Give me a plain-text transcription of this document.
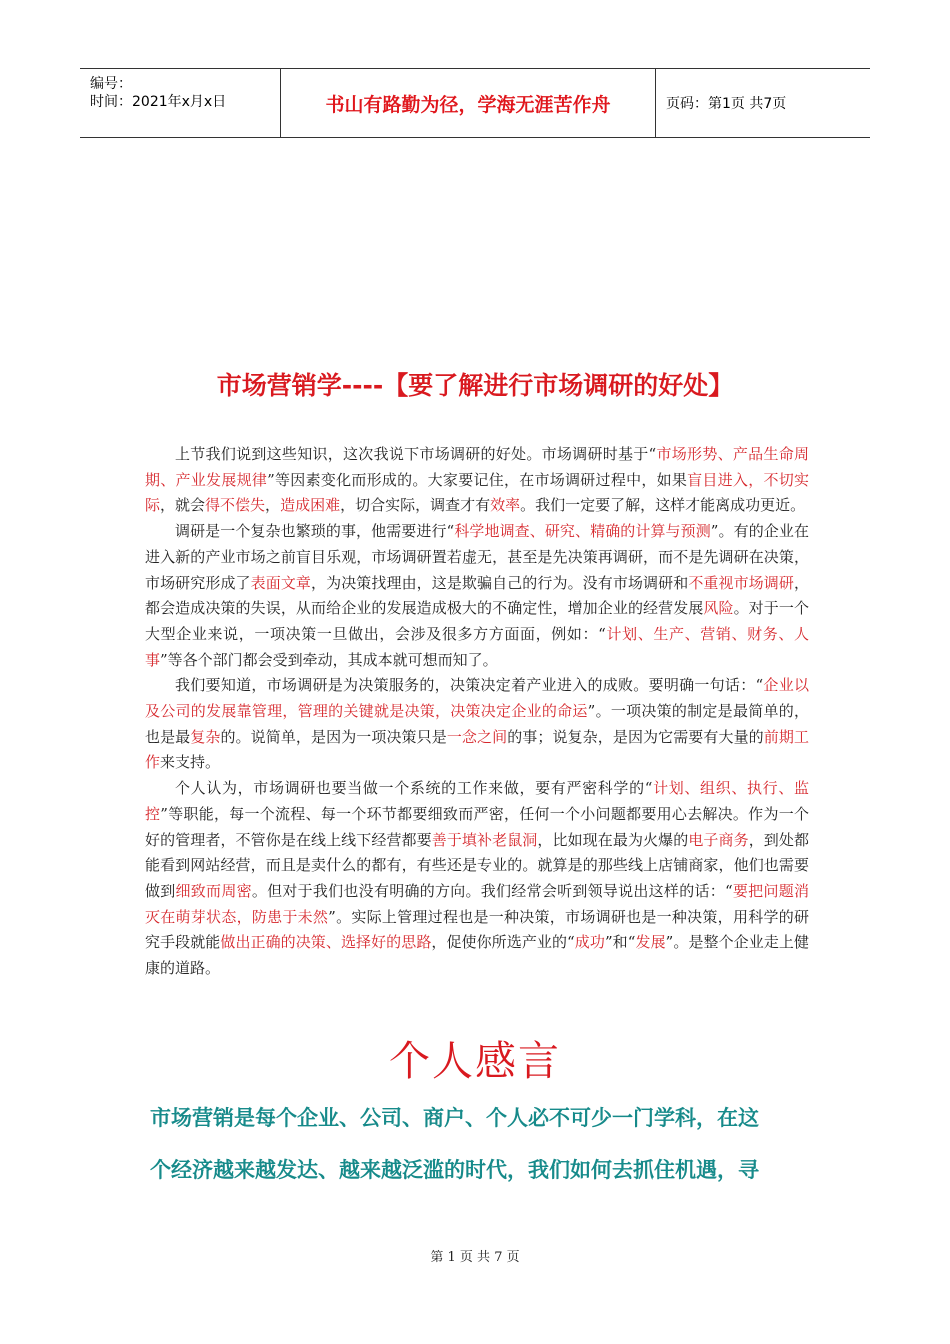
编号：
时间：2021年x月x日	书山有路勤为径，学海无涯苦作舟	页码：第1页 共7页
市场营销学----【要了解进行市场调研的好处】

上节我们说到这些知识，这次我说下市场调研的好处。市场调研时基于“市场形势、产品生命周期、产业发展规律”等因素变化而形成的。大家要记住，在市场调研过程中，如果盲目进入，不切实际，就会得不偿失，造成困难，切合实际，调查才有效率。我们一定要了解，这样才能离成功更近。

调研是一个复杂也繁琐的事，他需要进行“科学地调查、研究、精确的计算与预测”。有的企业在进入新的产业市场之前盲目乐观，市场调研置若虚无，甚至是先决策再调研，而不是先调研在决策，市场研究形成了表面文章，为决策找理由，这是欺骗自己的行为。没有市场调研和不重视市场调研，都会造成决策的失误，从而给企业的发展造成极大的不确定性，增加企业的经营发展风险。对于一个大型企业来说，一项决策一旦做出，会涉及很多方方面面，例如：“计划、生产、营销、财务、人事”等各个部门都会受到牵动，其成本就可想而知了。

我们要知道，市场调研是为决策服务的，决策决定着产业进入的成败。要明确一句话：“企业以及公司的发展靠管理，管理的关键就是决策，决策决定企业的命运”。一项决策的制定是最简单的，也是最复杂的。说简单，是因为一项决策只是一念之间的事；说复杂，是因为它需要有大量的前期工作来支持。

个人认为，市场调研也要当做一个系统的工作来做，要有严密科学的“计划、组织、执行、监控”等职能，每一个流程、每一个环节都要细致而严密，任何一个小问题都要用心去解决。作为一个好的管理者，不管你是在线上线下经营都要善于填补老鼠洞，比如现在最为火爆的电子商务，到处都能看到网站经营，而且是卖什么的都有，有些还是专业的。就算是的那些线上店铺商家，他们也需要做到细致而周密。但对于我们也没有明确的方向。我们经常会听到领导说出这样的话：“要把问题消灭在萌芽状态，防患于未然”。实际上管理过程也是一种决策，市场调研也是一种决策，用科学的研究手段就能做出正确的决策、选择好的思路，促使你所选产业的“成功”和“发展”。是整个企业走上健康的道路。

个人感言
市场营销是每个企业、公司、商户、个人必不可少一门学科，在这
个经济越来越发达、越来越泛滥的时代，我们如何去抓住机遇，寻
第 1 页 共 7 页
